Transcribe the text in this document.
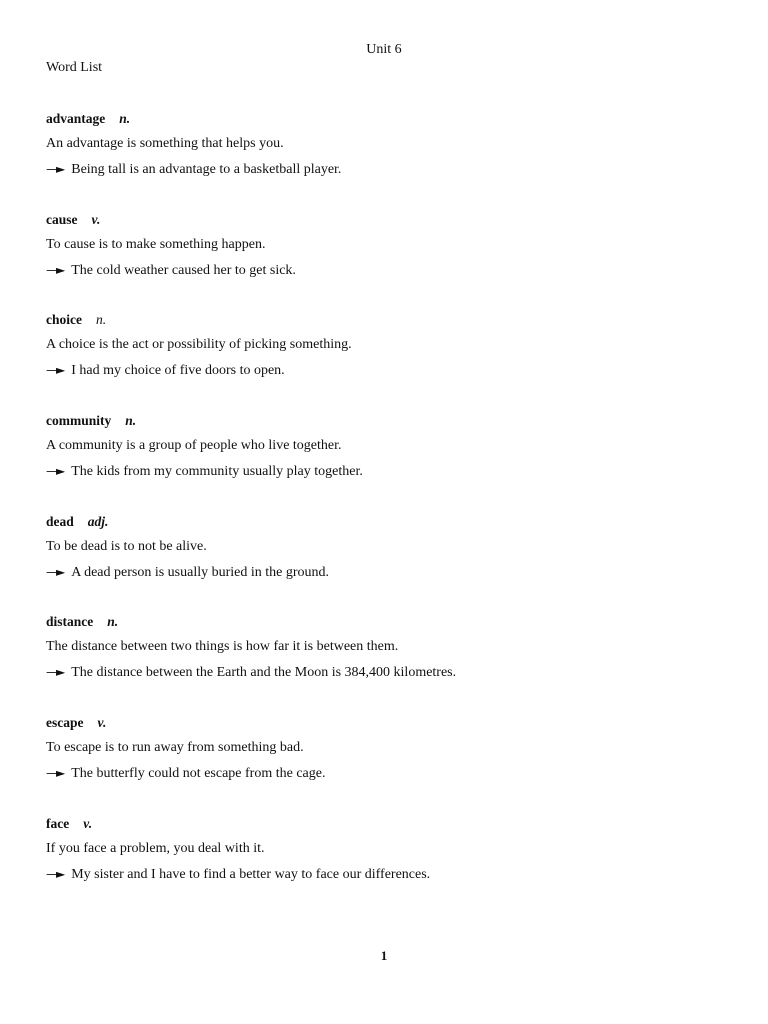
Unit 6
Word List
advantage n.
An advantage is something that helps you.
—► Being tall is an advantage to a basketball player.
cause v.
To cause is to make something happen.
—► The cold weather caused her to get sick.
choice n.
A choice is the act or possibility of picking something.
—► I had my choice of five doors to open.
community n.
A community is a group of people who live together.
—► The kids from my community usually play together.
dead adj.
To be dead is to not be alive.
—► A dead person is usually buried in the ground.
distance n.
The distance between two things is how far it is between them.
—► The distance between the Earth and the Moon is 384,400 kilometres.
escape v.
To escape is to run away from something bad.
—► The butterfly could not escape from the cage.
face v.
If you face a problem, you deal with it.
—► My sister and I have to find a better way to face our differences.
1
